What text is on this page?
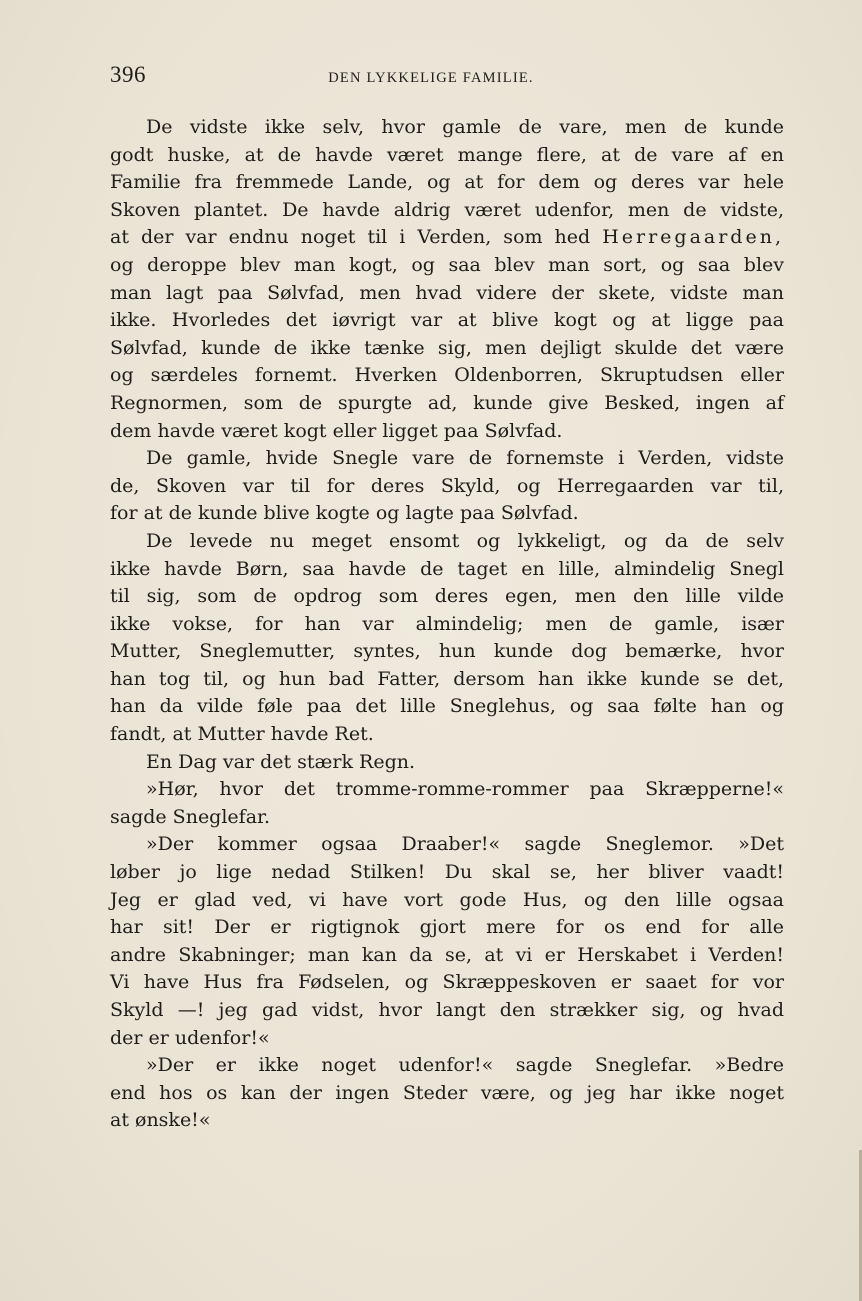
396	DEN LYKKELIGE FAMILIE.
De vidste ikke selv, hvor gamle de vare, men de kunde
godt huske, at de havde været mange flere, at de vare af en
Familie fra fremmede Lande, og at for dem og deres var hele
Skoven plantet. De havde aldrig været udenfor, men de vidste,
at der var endnu noget til i Verden, som hed Herregaarden,
og deroppe blev man kogt, og saa blev man sort, og saa blev
man lagt paa Sølvfad, men hvad videre der skete, vidste man
ikke. Hvorledes det iøvrigt var at blive kogt og at ligge paa
Sølvfad, kunde de ikke tænke sig, men dejligt skulde det være
og særdeles fornemt. Hverken Oldenborren, Skruptudsen eller
Regnormen, som de spurgte ad, kunde give Besked, ingen af
dem havde været kogt eller ligget paa Sølvfad.
De gamle, hvide Snegle vare de fornemste i Verden, vidste
de, Skoven var til for deres Skyld, og Herregaarden var til,
for at de kunde blive kogte og lagte paa Sølvfad.
De levede nu meget ensomt og lykkeligt, og da de selv
ikke havde Børn, saa havde de taget en lille, almindelig Snegl
til sig, som de opdrog som deres egen, men den lille vilde
ikke vokse, for han var almindelig; men de gamle, især
Mutter, Sneglemutter, syntes, hun kunde dog bemærke, hvor
han tog til, og hun bad Fatter, dersom han ikke kunde se det,
han da vilde føle paa det lille Sneglehus, og saa følte han og
fandt, at Mutter havde Ret.
En Dag var det stærk Regn.
»Hør, hvor det tromme-romme-rommer paa Skræpperne!«
sagde Sneglefar.
»Der kommer ogsaa Draaber!« sagde Sneglemor. »Det
løber jo lige nedad Stilken! Du skal se, her bliver vaadt!
Jeg er glad ved, vi have vort gode Hus, og den lille ogsaa
har sit! Der er rigtignok gjort mere for os end for alle
andre Skabninger; man kan da se, at vi er Herskabet i Verden!
Vi have Hus fra Fødselen, og Skræppeskoven er saaet for vor
Skyld —! jeg gad vidst, hvor langt den strækker sig, og hvad
der er udenfor!«
»Der er ikke noget udenfor!« sagde Sneglefar. »Bedre
end hos os kan der ingen Steder være, og jeg har ikke noget
at ønske!«
